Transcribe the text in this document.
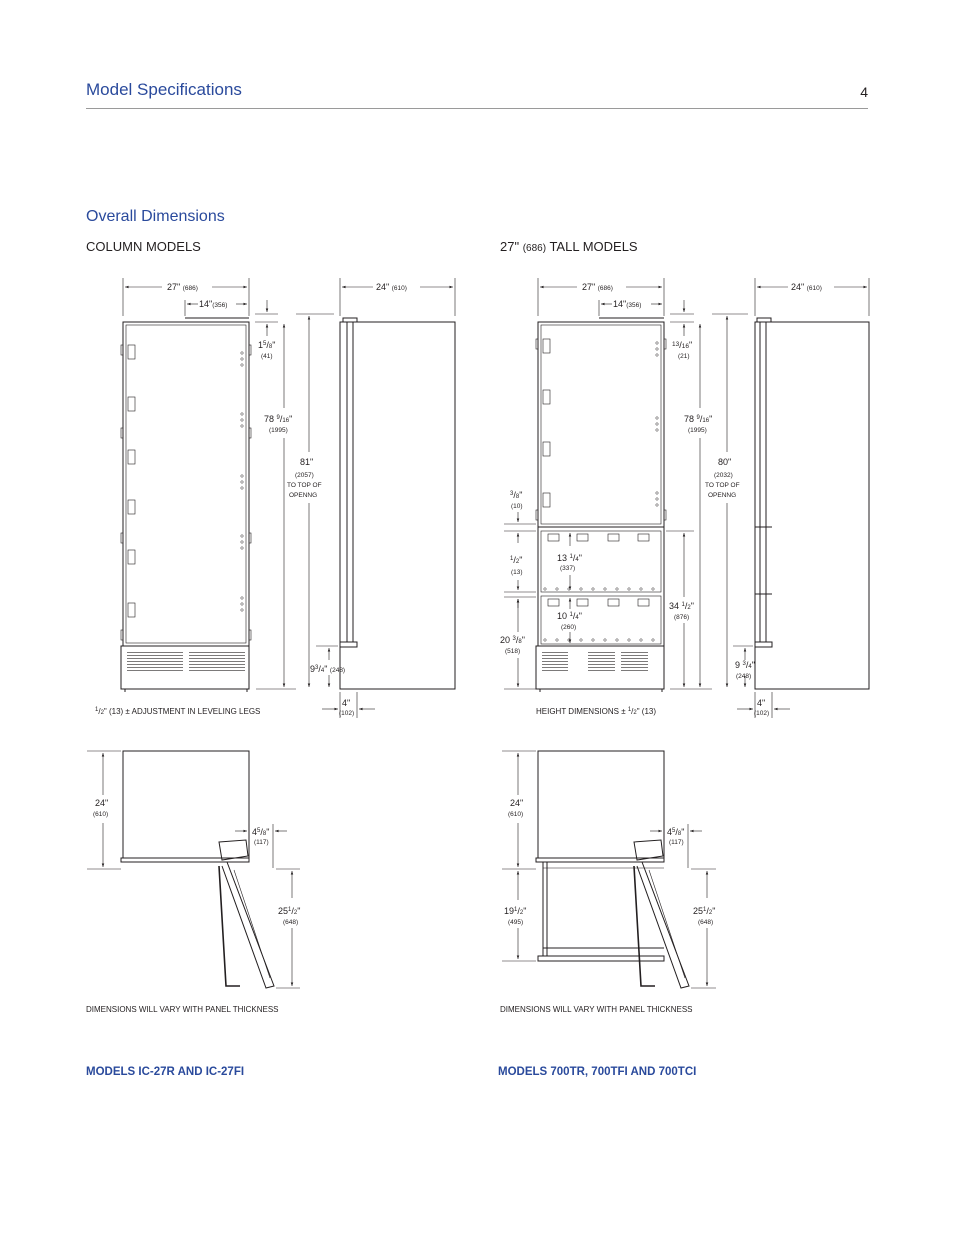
Model Specifications	4
Overall Dimensions
COLUMN MODELS	27" (686) TALL MODELS
27" (686)
14"(356)
24" (610)
$1^5/8$"
(41)
78 $^9$/16"
(1995)
81"
(2057)
TO TOP OF
OPENNG
$9^3/4$" (248)
4"
(102)
$^1$/2" (13) ± ADJUSTMENT IN LEVELING LEGS
27" (686)
14"(356)
24" (610)
$^{13}$/16"
(21)
78 $^9$/16"
(1995)
80"
(2032)
TO TOP OF
OPENNG
$^3$/8"
(10)
$^1$/2"
(13)
20 $^3$/8"
(518)
13 $^1$/4"
(337)
10 $^1$/4"
(260)
34 $^1$/2"
(876)
9 $^3$/4"
(248)
4"
(102)
HEIGHT DIMENSIONS ± $^1$/2" (13)
24"
(610)
$4^5/8$"
(117)
$25^1/2$"
(648)
DIMENSIONS WILL VARY WITH PANEL THICKNESS
24"
(610)
$19^1/2$"
(495)
$4^5/8$"
(117)
$25^1/2$"
(648)
DIMENSIONS WILL VARY WITH PANEL THICKNESS
MODELS IC-27R AND IC-27FI	MODELS 700TR, 700TFI AND 700TCI
